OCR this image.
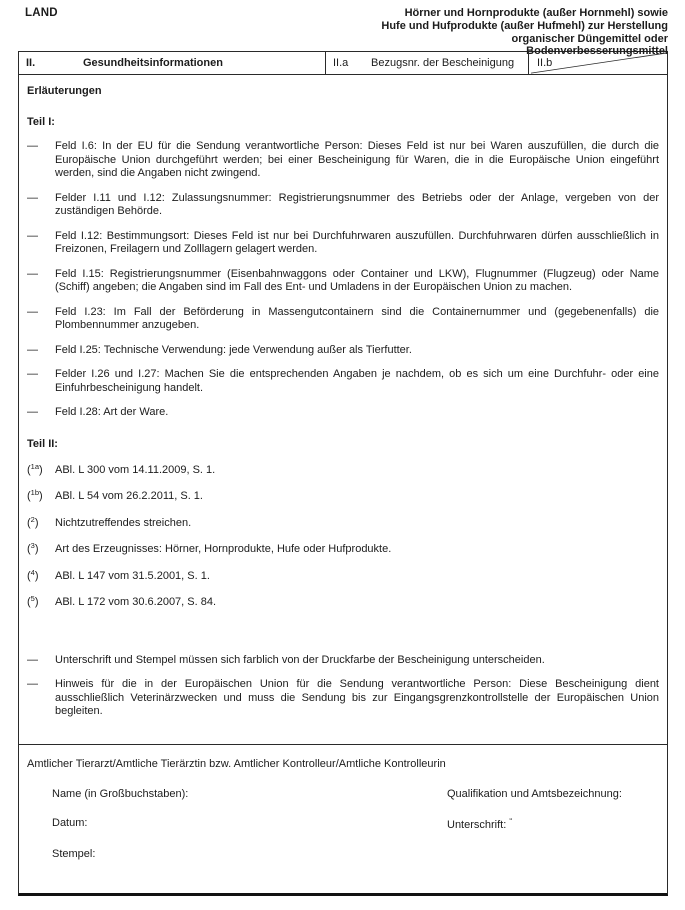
LAND	Hörner und Hornprodukte (außer Hornmehl) sowie
Hufe und Hufprodukte (außer Hufmehl) zur Herstellung
organischer Düngemittel oder
Bodenverbesserungsmittel
II.	Gesundheitsinformationen	II.a	Bezugsnr. der Bescheinigung II.b

Erläuterungen

Teil I:

—	Feld I.6: In der EU für die Sendung verantwortliche Person: Dieses Feld ist nur bei Waren auszufüllen, die durch die Europäische Union durchgeführt werden; bei einer Bescheinigung für Waren, die in die Europäische Union eingeführt werden, sind die Angaben nicht zwingend.

—	Felder I.11 und I.12: Zulassungsnummer: Registrierungsnummer des Betriebs oder der Anlage, vergeben von der zuständigen Behörde.

—	Feld I.12: Bestimmungsort: Dieses Feld ist nur bei Durchfuhrwaren auszufüllen. Durchfuhrwaren dürfen ausschließlich in Freizonen, Freilagern und Zolllagern gelagert werden.

—	Feld I.15: Registrierungsnummer (Eisenbahnwaggons oder Container und LKW), Flugnummer (Flugzeug) oder Name (Schiff) angeben; die Angaben sind im Fall des Ent- und Umladens in der Europäischen Union zu machen.

—	Feld I.23: Im Fall der Beförderung in Massengutcontainern sind die Containernummer und (gegebenenfalls) die Plombennummer anzugeben.

—	Feld I.25: Technische Verwendung: jede Verwendung außer als Tierfutter.

—	Felder I.26 und I.27: Machen Sie die entsprechenden Angaben je nachdem, ob es sich um eine Durchfuhr- oder eine Einfuhrbescheinigung handelt.

—	Feld I.28: Art der Ware.

Teil II:

( $^{1a}$ )	ABl. L 300 vom 14.11.2009, S. 1.

( $^{1b}$ )	ABl. L 54 vom 26.2.2011, S. 1.

( $^2$ )	Nichtzutreffendes streichen.

( $^3$ )	Art des Erzeugnisses: Hörner, Hornprodukte, Hufe oder Hufprodukte.

( $^4$ )	ABl. L 147 vom 31.5.2001, S. 1.

( $^5$ )	ABl. L 172 vom 30.6.2007, S. 84.

—	Unterschrift und Stempel müssen sich farblich von der Druckfarbe der Bescheinigung unterscheiden.

—	Hinweis für die in der Europäischen Union für die Sendung verantwortliche Person: Diese Bescheinigung dient ausschließlich Veterinärzwecken und muss die Sendung bis zur Eingangsgrenzkontrollstelle der Europäischen Union begleiten.

Amtlicher Tierarzt/Amtliche Tierärztin bzw. Amtlicher Kontrolleur/Amtliche Kontrolleurin

Name (in Großbuchstaben):	Qualifikation und Amtsbezeichnung:
Datum:	Unterschrift: “
Stempel:
